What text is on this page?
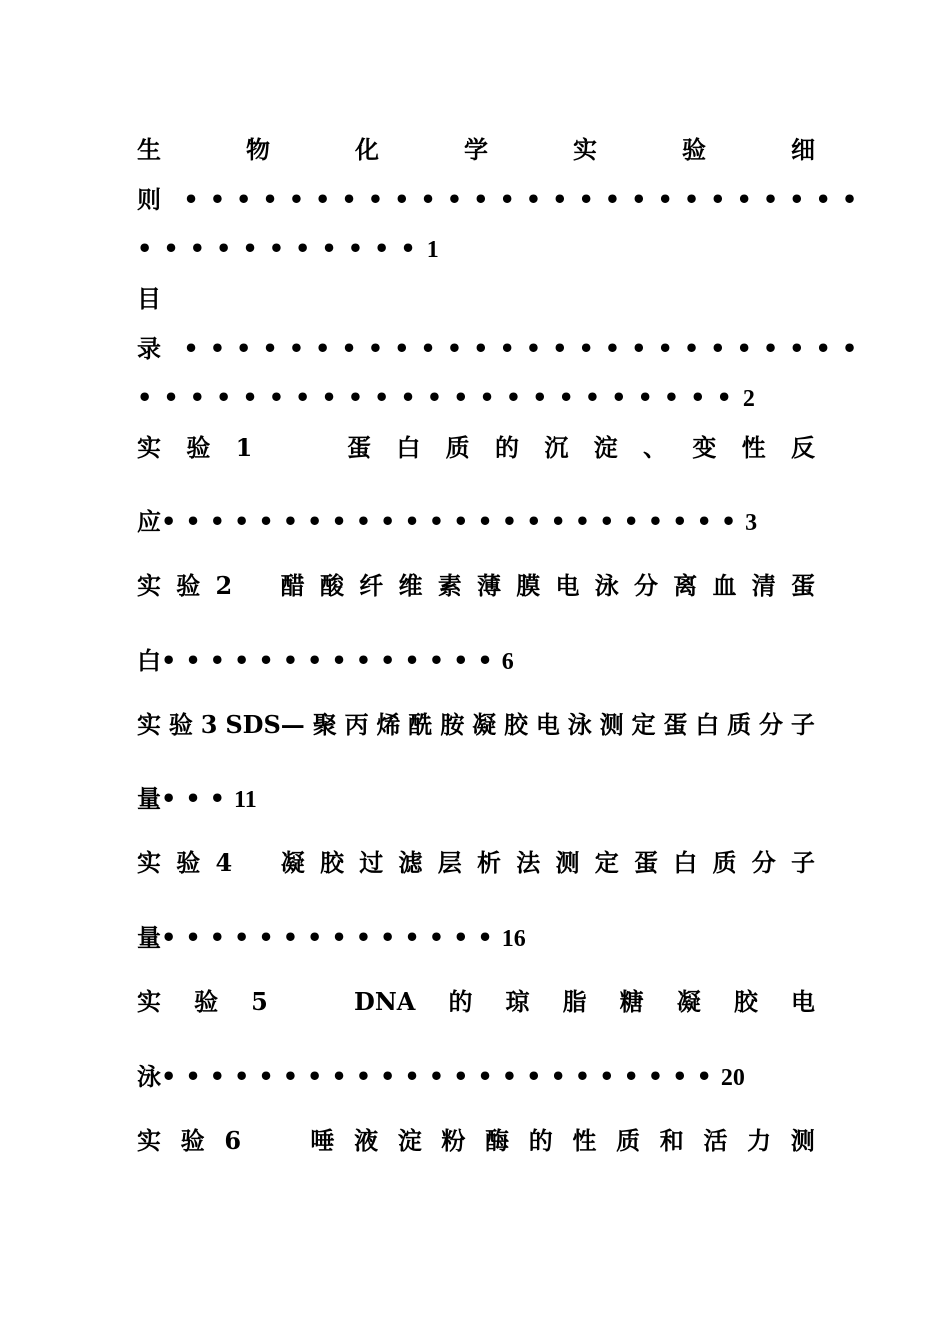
生	物	化	学	实	验	细
则 ••••••••••••••••••••••••••
•••••••••••1
目
录 ••••••••••••••••••••••••••
•••••••••••••••••••••••2
实 验 1	蛋 白 质 的 沉 淀 、 变 性 反
应••••••••••••••••••••••••3
实 验 2 醋 酸 纤 维 素 薄 膜 电 泳 分 离 血 清 蛋
白••••••••••••••6
实 验 3 SDS— 聚 丙 烯 酰 胺 凝 胶 电 泳 测 定 蛋 白 质 分 子
量•••11
实 验 4 凝 胶 过 滤 层 析 法 测 定 蛋 白 质 分 子
量••••••••••••••16
实 验 5	DNA 的 琼 脂 糖 凝 胶 电
泳•••••••••••••••••••••••20
实 验 6	唾 液 淀 粉 酶 的 性 质 和 活 力 测
